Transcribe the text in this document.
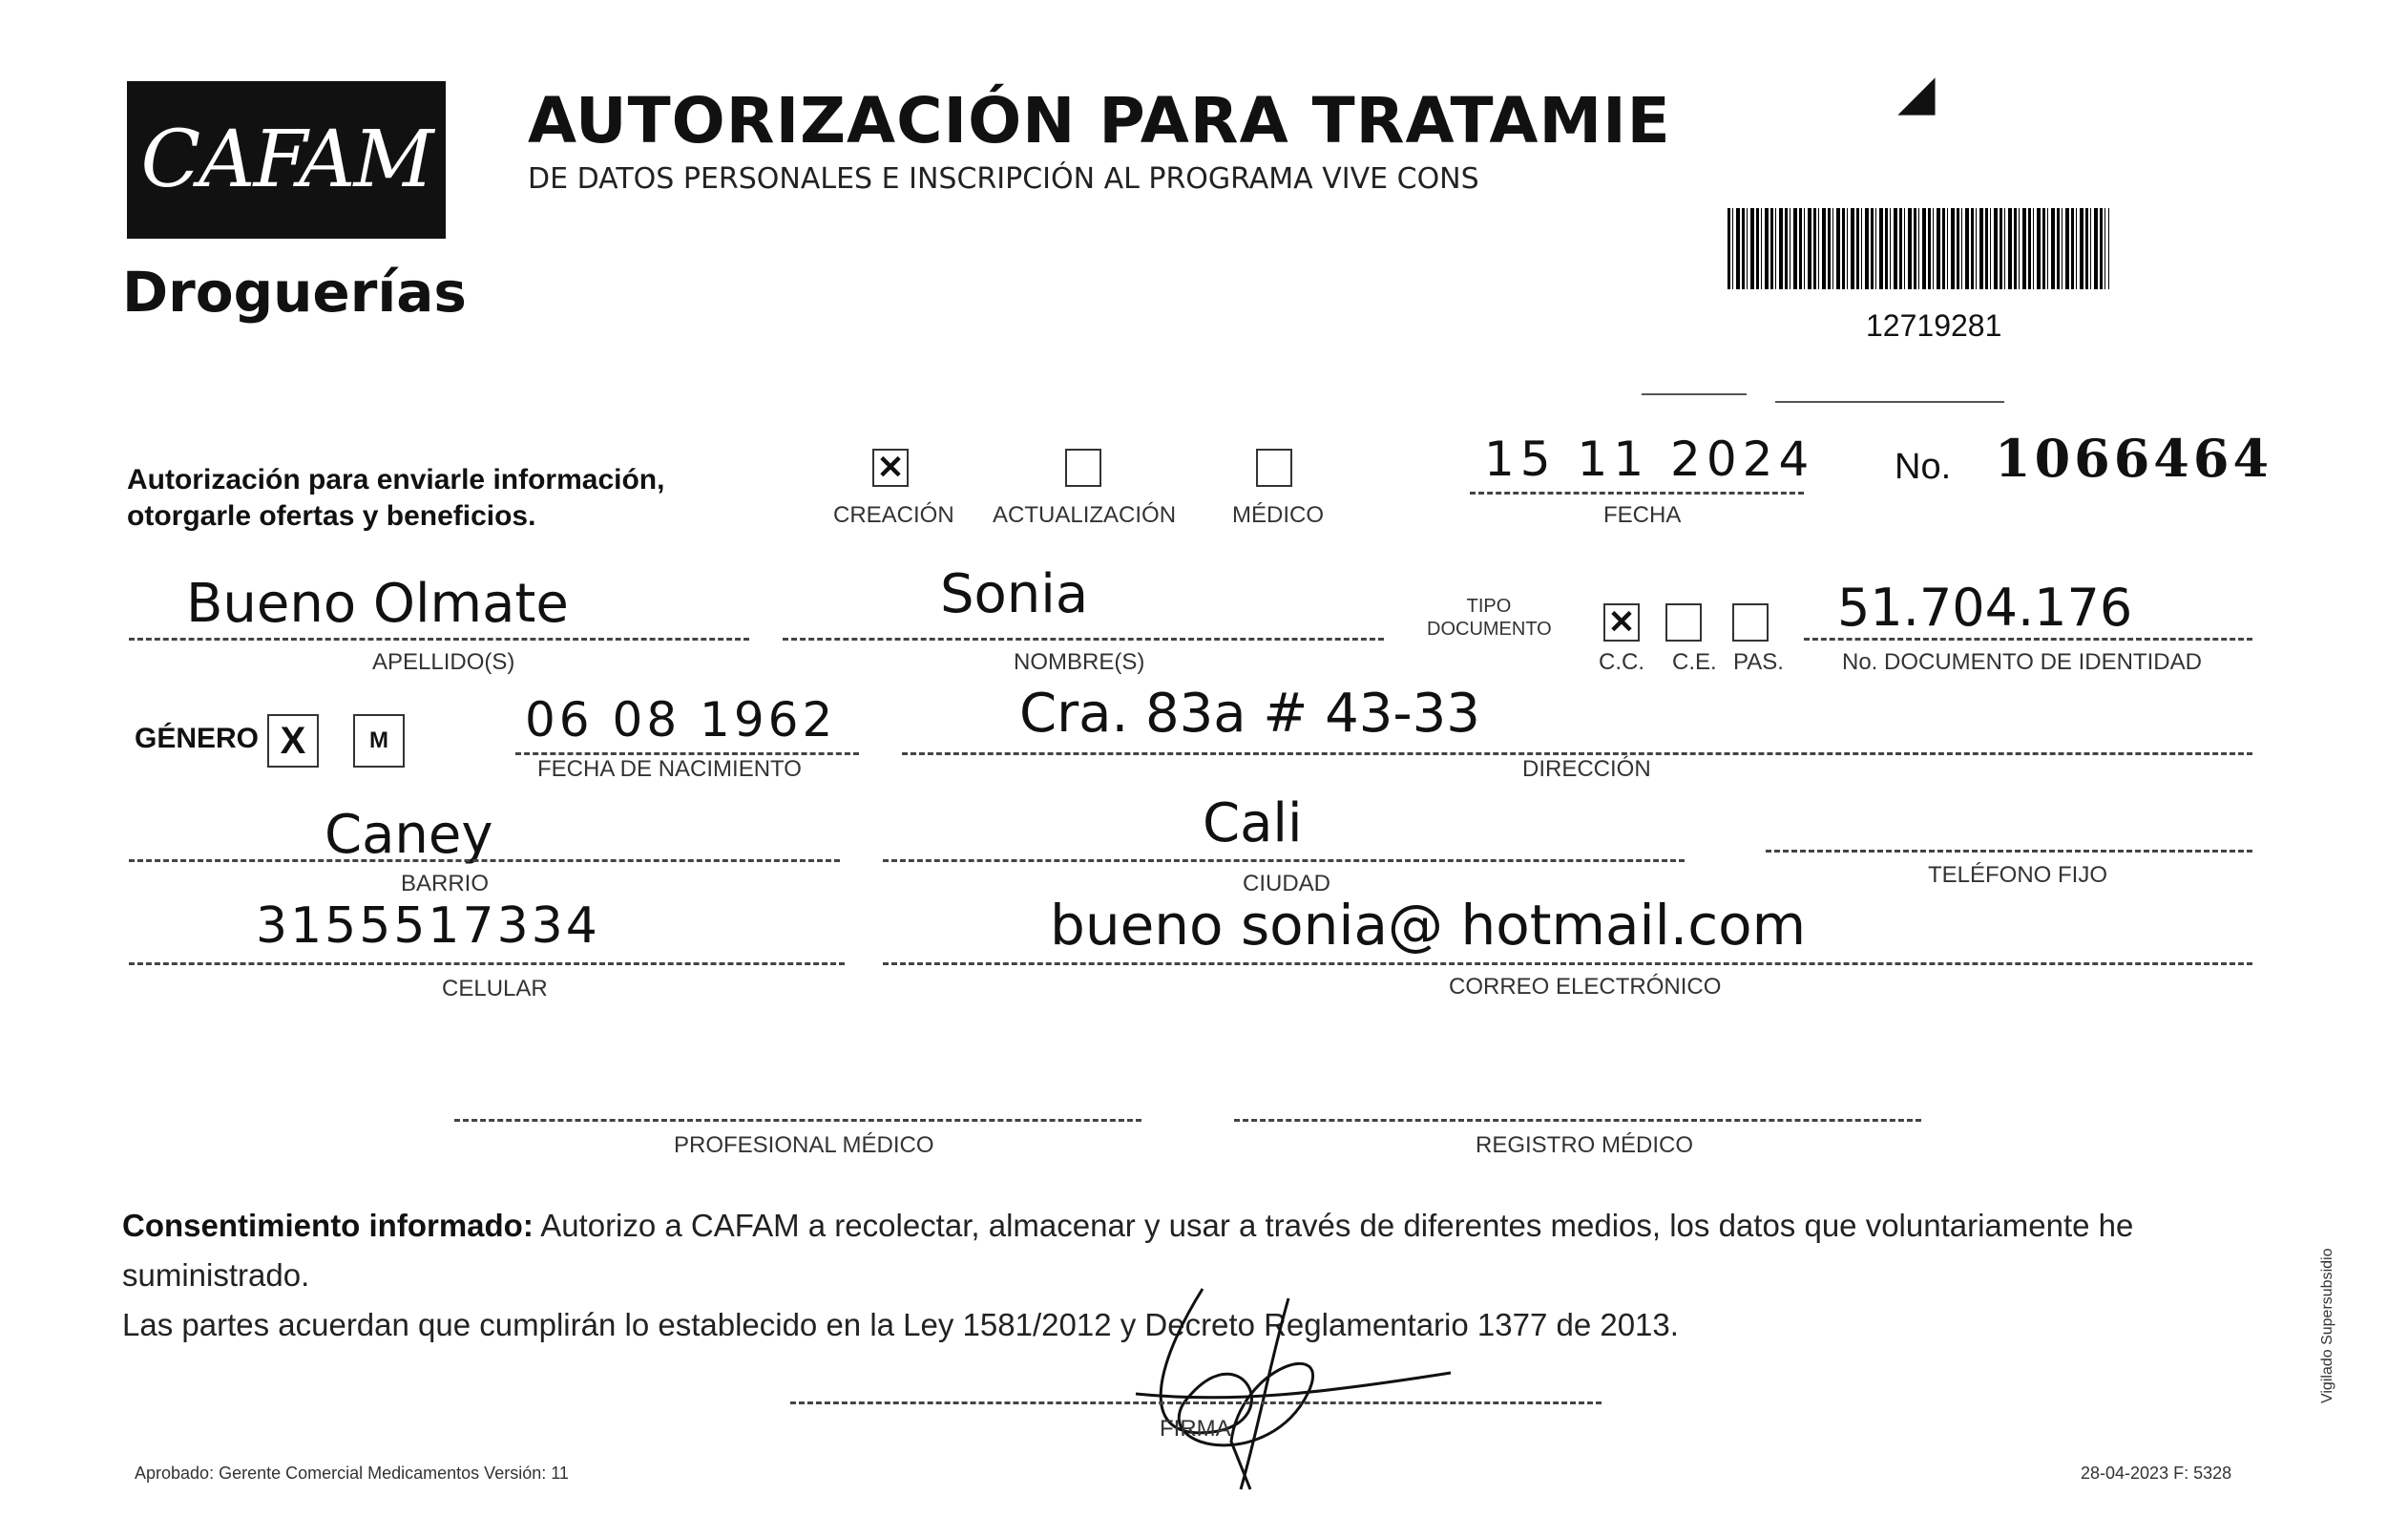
CAFAM
Droguerías
AUTORIZACIÓN PARA TRATAMIE
DE DATOS PERSONALES E INSCRIPCIÓN AL PROGRAMA VIVE CONS
◢
12719281
Autorización para enviarle información, otorgarle ofertas y beneficios.
✕
CREACIÓN ACTUALIZACIÓN MÉDICO
15 11 2024
FECHA
No. 1066464
Bueno Olmate
APELLIDO(S)
Sonia
NOMBRE(S)
TIPO DOCUMENTO ✕
C.C. C.E. PAS.
51.704.176
No. DOCUMENTO DE IDENTIDAD
GÉNERO X	M	06 08 1962
FECHA DE NACIMIENTO
Cra. 83a # 43-33
DIRECCIÓN
Caney
BARRIO
Cali
CIUDAD	TELÉFONO FIJO
3155517334
CELULAR
bueno sonia@ hotmail.com
CORREO ELECTRÓNICO
PROFESIONAL MÉDICO	REGISTRO MÉDICO
Consentimiento informado: Autorizo a CAFAM a recolectar, almacenar y usar a través de diferentes medios, los datos que voluntariamente he suministrado.
Las partes acuerdan que cumplirán lo establecido en la Ley 1581/2012 y Decreto Reglamentario 1377 de 2013.
FIRMA
Aprobado: Gerente Comercial Medicamentos Versión: 11	28-04-2023 F: 5328
Vigilado Supersubsidio
